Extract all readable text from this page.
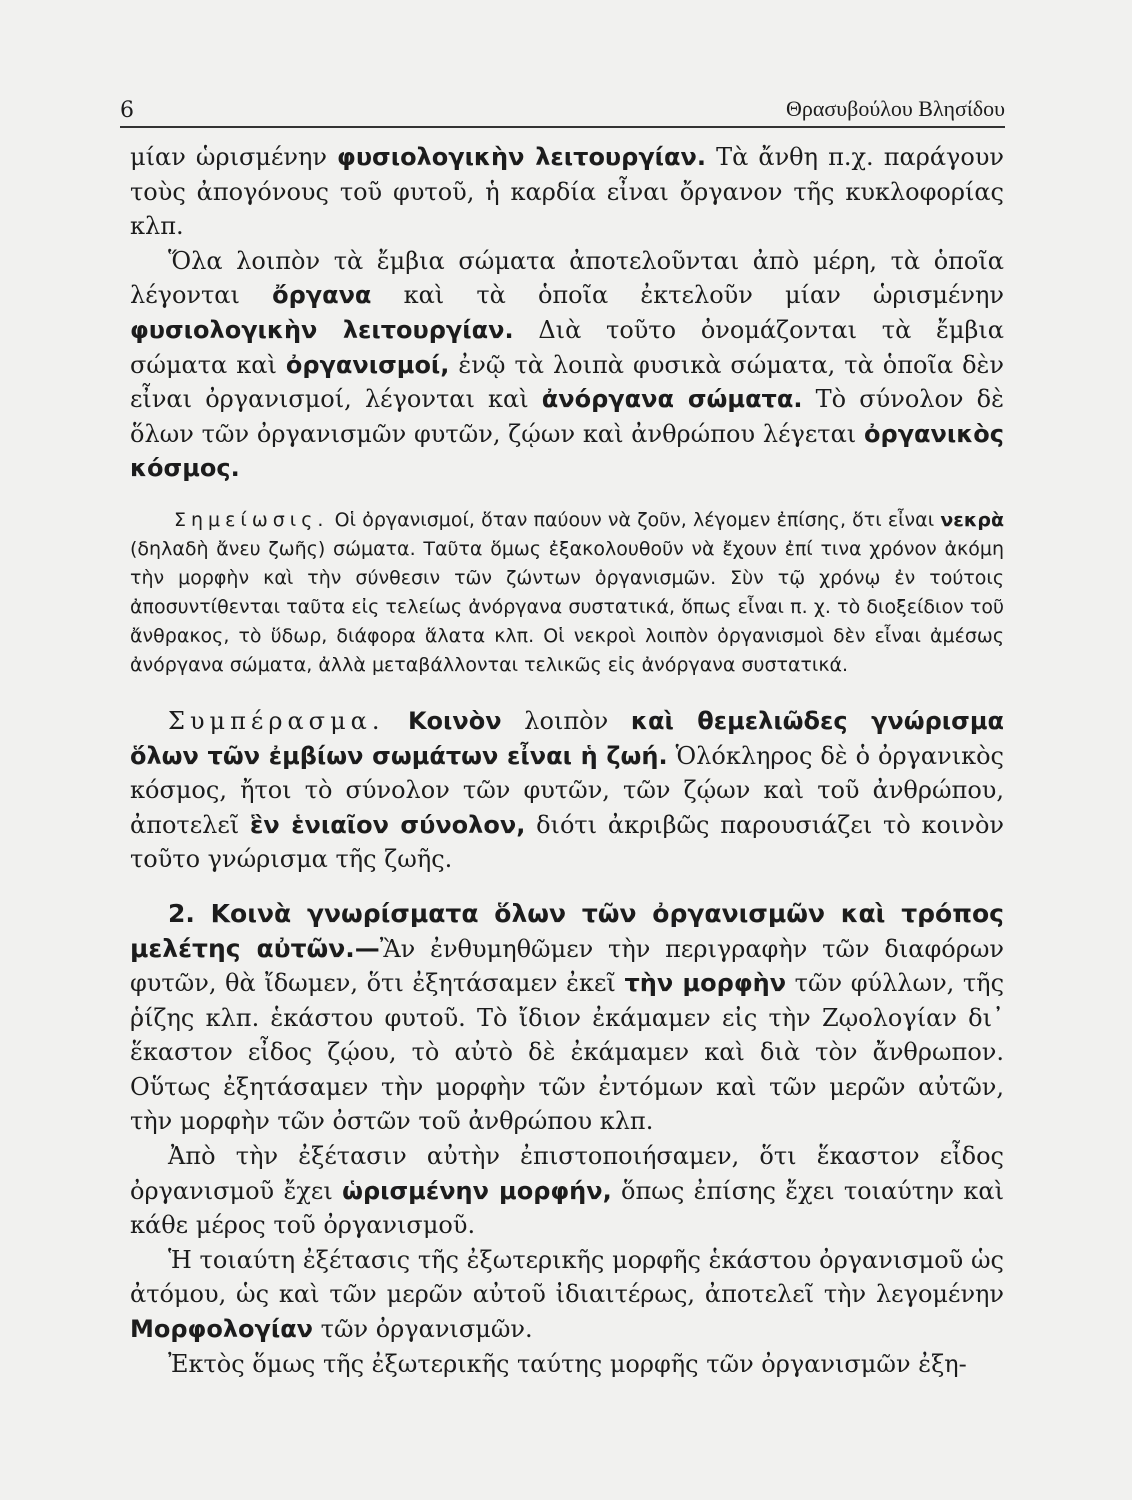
6	Θρασυβούλου Βλησίδου

μίαν ὡρισμένην φυσιολογικὴν λειτουργίαν. Τὰ ἄνθη π.χ. παράγουν τοὺς ἀπογόνους τοῦ φυτοῦ, ἡ καρδία εἶναι ὄργανον τῆς κυκλοφορίας κλπ.

Ὅλα λοιπὸν τὰ ἔμβια σώματα ἀποτελοῦνται ἀπὸ μέρη, τὰ ὁποῖα λέγονται ὄργανα καὶ τὰ ὁποῖα ἐκτελοῦν μίαν ὡρισμένην φυσιολογικὴν λειτουργίαν. Διὰ τοῦτο ὀνομάζονται τὰ ἔμβια σώματα καὶ ὀργανισμοί, ἐνῷ τὰ λοιπὰ φυσικὰ σώματα, τὰ ὁποῖα δὲν εἶναι ὀργανισμοί, λέγονται καὶ ἀνόργανα σώματα. Τὸ σύνολον δὲ ὅλων τῶν ὀργανισμῶν φυτῶν, ζῴων καὶ ἀνθρώπου λέγεται ὀργανικὸς κόσμος.

Σημείωσις. Οἱ ὀργανισμοί, ὅταν παύουν νὰ ζοῦν, λέγομεν ἐπίσης, ὅτι εἶναι νεκρὰ (δηλαδὴ ἄνευ ζωῆς) σώματα. Ταῦτα ὅμως ἐξακολουθοῦν νὰ ἔχουν ἐπί τινα χρόνον ἀκόμη τὴν μορφὴν καὶ τὴν σύνθεσιν τῶν ζώντων ὀργανισμῶν. Σὺν τῷ χρόνῳ ἐν τούτοις ἀποσυντίθενται ταῦτα εἰς τελείως ἀνόργανα συστατικά, ὅπως εἶναι π. χ. τὸ διοξείδιον τοῦ ἄνθρακος, τὸ ὕδωρ, διάφορα ἅλατα κλπ. Οἱ νεκροὶ λοιπὸν ὀργανισμοὶ δὲν εἶναι ἀμέσως ἀνόργανα σώματα, ἀλλὰ μεταβάλλονται τελικῶς εἰς ἀνόργανα συστατικά.

Συμπέρασμα. Κοινὸν λοιπὸν καὶ θεμελιῶδες γνώρισμα ὅλων τῶν ἐμβίων σωμάτων εἶναι ἡ ζωή. Ὁλόκληρος δὲ ὁ ὀργανικὸς κόσμος, ἤτοι τὸ σύνολον τῶν φυτῶν, τῶν ζῴων καὶ τοῦ ἀνθρώπου, ἀποτελεῖ ἓν ἑνιαῖον σύνολον, διότι ἀκριβῶς παρουσιάζει τὸ κοινὸν τοῦτο γνώρισμα τῆς ζωῆς.

2. Κοινὰ γνωρίσματα ὅλων τῶν ὀργανισμῶν καὶ τρόπος μελέτης αὐτῶν.—Ἂν ἐνθυμηθῶμεν τὴν περιγραφὴν τῶν διαφόρων φυτῶν, θὰ ἴδωμεν, ὅτι ἐξητάσαμεν ἐκεῖ τὴν μορφὴν τῶν φύλλων, τῆς ῥίζης κλπ. ἑκάστου φυτοῦ. Τὸ ἴδιον ἐκάμαμεν εἰς τὴν Ζῳολογίαν δι᾽ ἕκαστον εἶδος ζῴου, τὸ αὐτὸ δὲ ἐκάμαμεν καὶ διὰ τὸν ἄνθρωπον. Οὕτως ἐξητάσαμεν τὴν μορφὴν τῶν ἐντόμων καὶ τῶν μερῶν αὐτῶν, τὴν μορφὴν τῶν ὀστῶν τοῦ ἀνθρώπου κλπ.

Ἀπὸ τὴν ἐξέτασιν αὐτὴν ἐπιστοποιήσαμεν, ὅτι ἕκαστον εἶδος ὀργανισμοῦ ἔχει ὡρισμένην μορφήν, ὅπως ἐπίσης ἔχει τοιαύτην καὶ κάθε μέρος τοῦ ὀργανισμοῦ.

Ἡ τοιαύτη ἐξέτασις τῆς ἐξωτερικῆς μορφῆς ἑκάστου ὀργανισμοῦ ὡς ἀτόμου, ὡς καὶ τῶν μερῶν αὐτοῦ ἰδιαιτέρως, ἀποτελεῖ τὴν λεγομένην Μορφολογίαν τῶν ὀργανισμῶν.

Ἐκτὸς ὅμως τῆς ἐξωτερικῆς ταύτης μορφῆς τῶν ὀργανισμῶν ἐξη-
